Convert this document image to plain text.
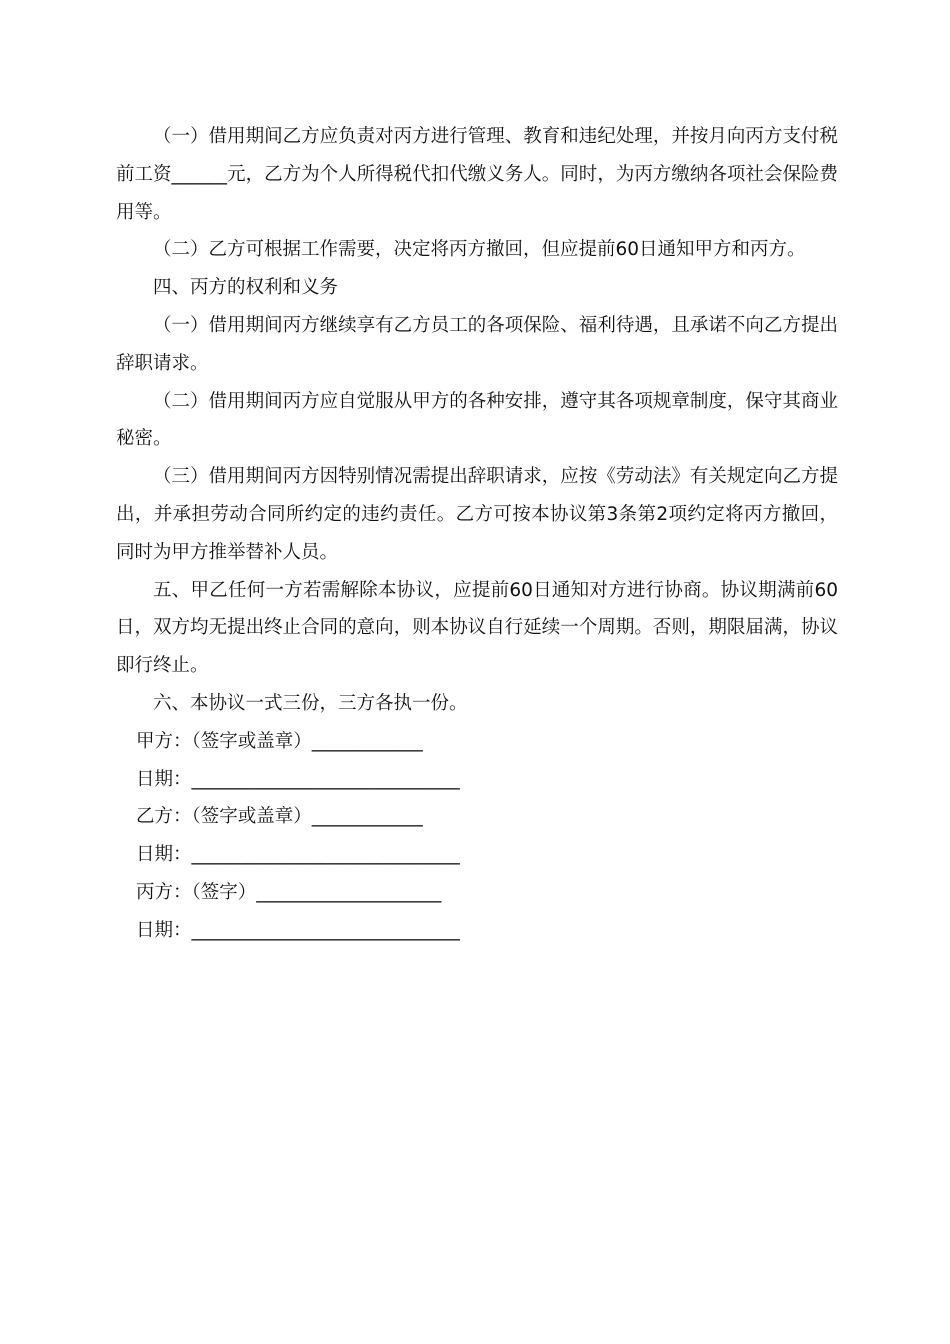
（一）借用期间乙方应负责对丙方进行管理、教育和违纪处理，并按月向丙方支付税前工资______元，乙方为个人所得税代扣代缴义务人。同时，为丙方缴纳各项社会保险费用等。

（二）乙方可根据工作需要，决定将丙方撤回，但应提前60日通知甲方和丙方。

四、丙方的权利和义务

（一）借用期间丙方继续享有乙方员工的各项保险、福利待遇，且承诺不向乙方提出辞职请求。

（二）借用期间丙方应自觉服从甲方的各种安排，遵守其各项规章制度，保守其商业秘密。

（三）借用期间丙方因特别情况需提出辞职请求，应按《劳动法》有关规定向乙方提出，并承担劳动合同所约定的违约责任。乙方可按本协议第3条第2项约定将丙方撤回，同时为甲方推举替补人员。

五、甲乙任何一方若需解除本协议，应提前60日通知对方进行协商。协议期满前60日，双方均无提出终止合同的意向，则本协议自行延续一个周期。否则，期限届满，协议即行终止。

六、本协议一式三份，三方各执一份。

甲方：（签字或盖章）____________

日期：_____________________________

乙方：（签字或盖章）____________

日期：_____________________________

丙方：（签字）____________________

日期：_____________________________
